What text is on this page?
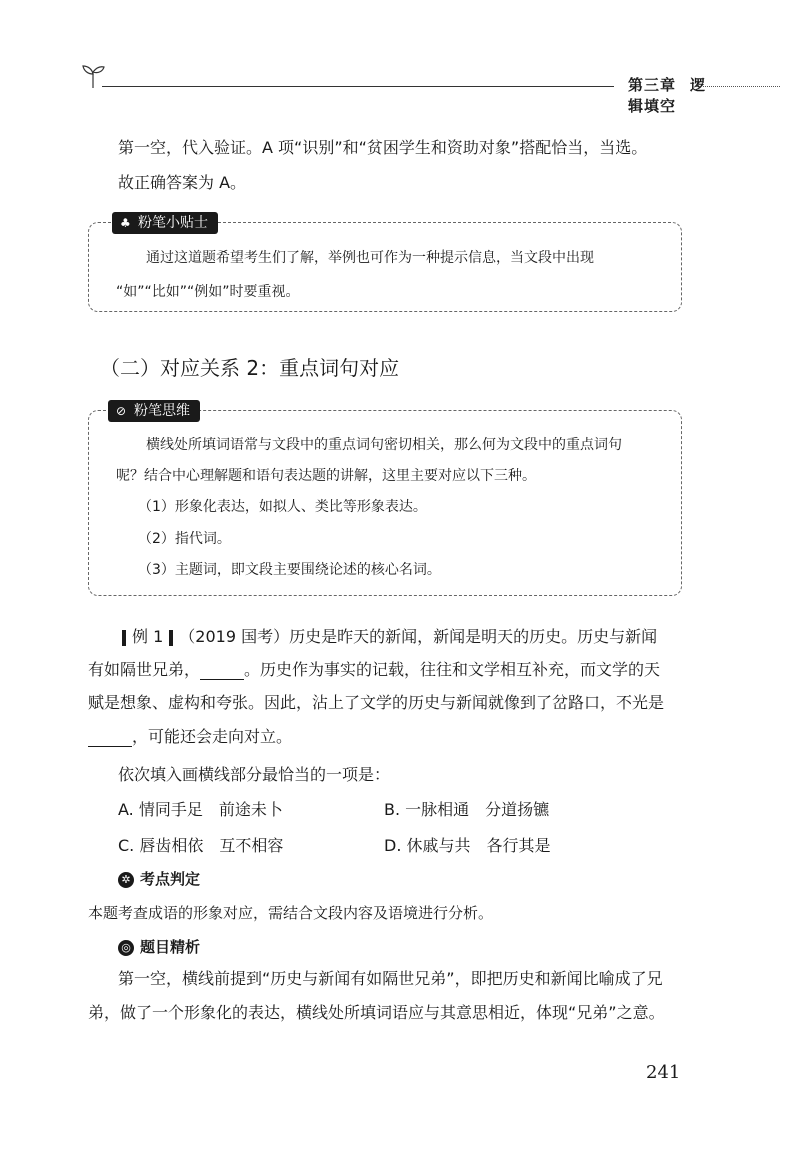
第三章 逻辑填空
第一空，代入验证。A 项“识别”和“贫困学生和资助对象”搭配恰当，当选。
故正确答案为 A。
♣ 粉笔小贴士
通过这道题希望考生们了解，举例也可作为一种提示信息，当文段中出现
“如”“比如”“例如”时要重视。
（二）对应关系 2：重点词句对应
⊘ 粉笔思维
横线处所填词语常与文段中的重点词句密切相关，那么何为文段中的重点词句
呢？结合中心理解题和语句表达题的讲解，这里主要对应以下三种。
（1）形象化表达，如拟人、类比等形象表达。
（2）指代词。
（3）主题词，即文段主要围绕论述的核心名词。
例 1 （2019 国考）历史是昨天的新闻，新闻是明天的历史。历史与新闻
有如隔世兄弟，	。历史作为事实的记载，往往和文学相互补充，而文学的天
赋是想象、虚构和夸张。因此，沾上了文学的历史与新闻就像到了岔路口，不光是
，可能还会走向对立。
依次填入画横线部分最恰当的一项是：
A. 情同手足　前途未卜	B. 一脉相通　分道扬镳
C. 唇齿相依　互不相容	D. 休戚与共　各行其是
✲ 考点判定
本题考查成语的形象对应，需结合文段内容及语境进行分析。
◎ 题目精析
第一空，横线前提到“历史与新闻有如隔世兄弟”，即把历史和新闻比喻成了兄
弟，做了一个形象化的表达，横线处所填词语应与其意思相近，体现“兄弟”之意。
241
